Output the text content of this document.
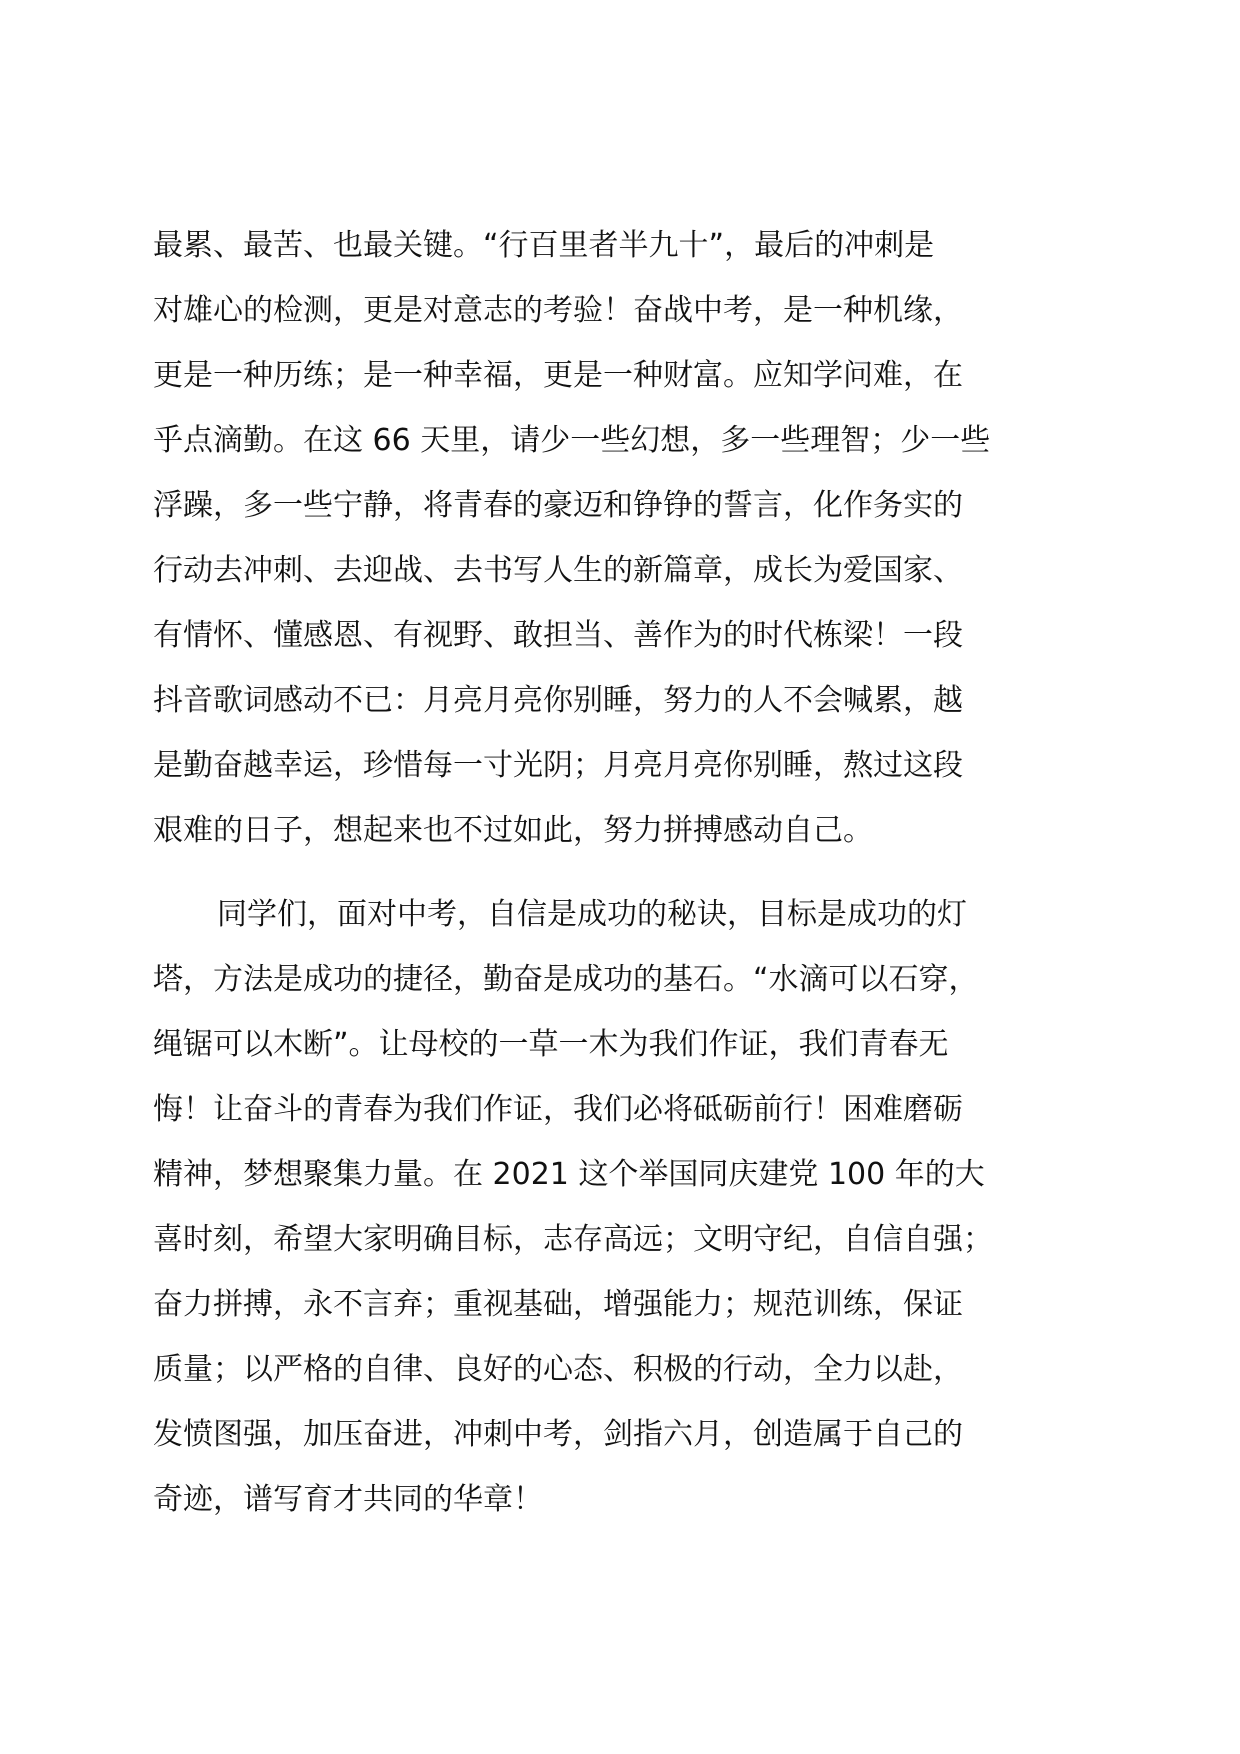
最累、最苦、也最关键。“行百里者半九十”，最后的冲刺是
对雄心的检测，更是对意志的考验！奋战中考，是一种机缘，
更是一种历练；是一种幸福，更是一种财富。应知学问难，在
乎点滴勤。在这 66 天里，请少一些幻想，多一些理智；少一些
浮躁，多一些宁静，将青春的豪迈和铮铮的誓言，化作务实的
行动去冲刺、去迎战、去书写人生的新篇章，成长为爱国家、
有情怀、懂感恩、有视野、敢担当、善作为的时代栋梁！一段
抖音歌词感动不已：月亮月亮你别睡，努力的人不会喊累，越
是勤奋越幸运，珍惜每一寸光阴；月亮月亮你别睡，熬过这段
艰难的日子，想起来也不过如此，努力拼搏感动自己。
同学们，面对中考，自信是成功的秘诀，目标是成功的灯
塔，方法是成功的捷径，勤奋是成功的基石。“水滴可以石穿，
绳锯可以木断”。让母校的一草一木为我们作证，我们青春无
悔！让奋斗的青春为我们作证，我们必将砥砺前行！困难磨砺
精神，梦想聚集力量。在 2021 这个举国同庆建党 100 年的大
喜时刻，希望大家明确目标，志存高远；文明守纪，自信自强；
奋力拼搏，永不言弃；重视基础，增强能力；规范训练，保证
质量；以严格的自律、良好的心态、积极的行动，全力以赴，
发愤图强，加压奋进，冲刺中考，剑指六月，创造属于自己的
奇迹，谱写育才共同的华章！
